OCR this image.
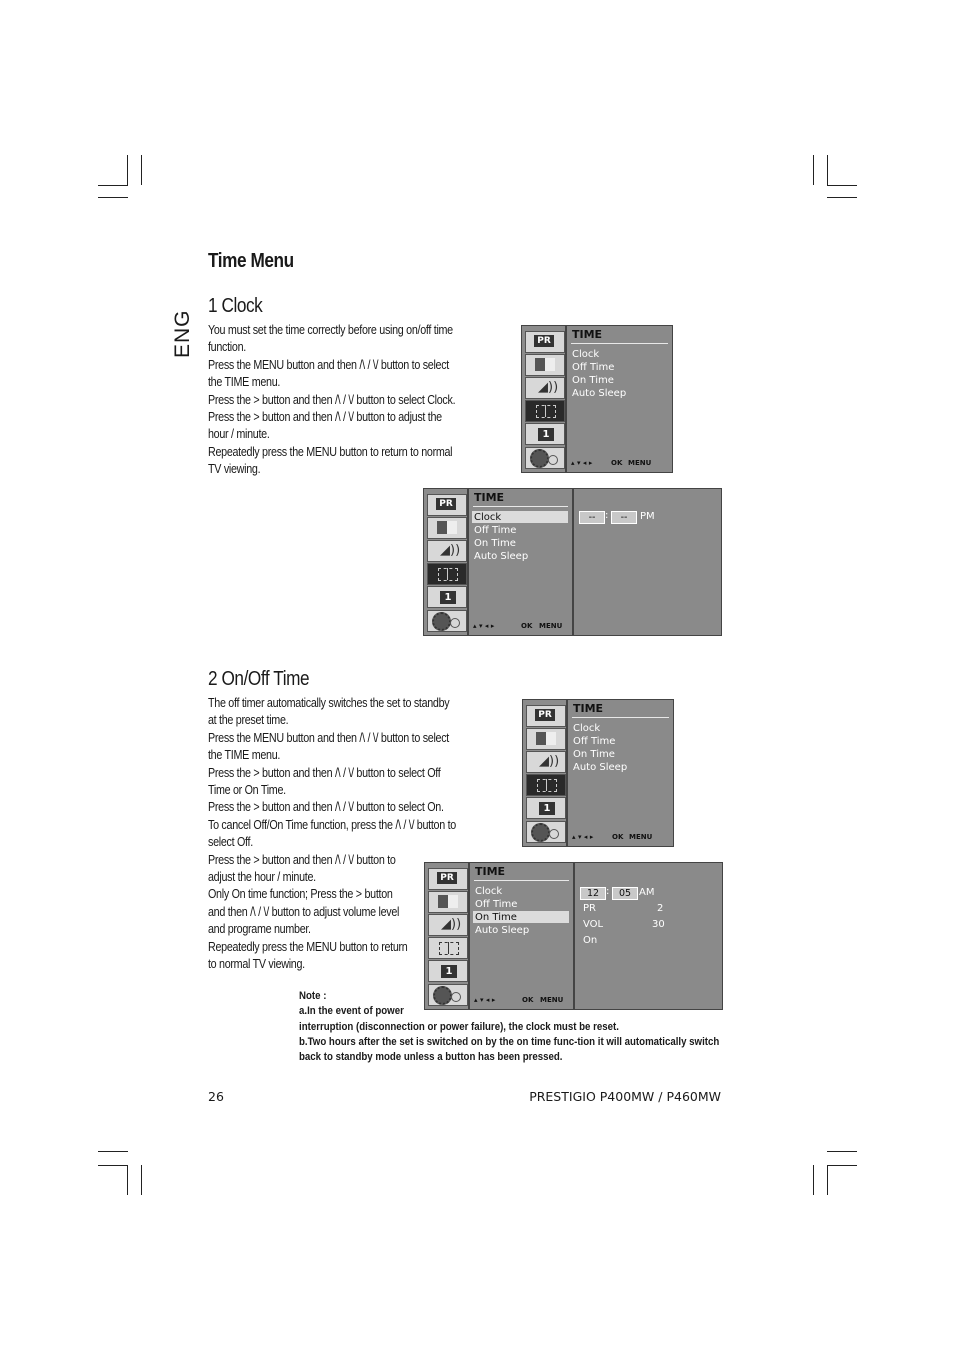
ENG
Time Menu
1 Clock

You must set the time correctly before using on/off time function.

Press the MENU button and then /\ / \/ button to select the TIME menu.

Press the > button and then /\ / \/ button to select Clock.

Press the > button and then /\ / \/ button to adjust the hour / minute.

Repeatedly press the MENU button to return to normal TV viewing.

PR
◢))
1
TIME
Clock
Off Time
On Time
Auto Sleep
▴ ▾ ◂ ▸	OK MENU
PR
◢))
1
TIME
Clock
Off Time
On Time
Auto Sleep
▴ ▾ ◂ ▸	OK MENU
-- :	--	PM
2 On/Off Time

The off timer automatically switches the set to standby at the preset time.

Press the MENU button and then /\ / \/ button to select the TIME menu.

Press the > button and then /\ / \/ button to select Off Time or On Time.

Press the > button and then /\ / \/ button to select On.

To cancel Off/On Time function, press the /\ / \/ button to select Off.

Press the > button and then /\ / \/ button to adjust the hour / minute.

Only On time function; Press the > button and then /\ / \/ button to adjust volume level and programe number.

Repeatedly press the MENU button to return to normal TV viewing.

PR
◢))
1
TIME
Clock
Off Time
On Time
Auto Sleep
▴ ▾ ◂ ▸	OK MENU
PR
◢))
1
TIME
Clock
Off Time
On Time
Auto Sleep
▴ ▾ ◂ ▸	OK MENU
12 :	05 AM
PR	2
VOL	30
On

Note :

a.In the event of power

interruption (disconnection or power failure), the clock must be reset.

b.Two hours after the set is switched on by the on time func-tion it will automatically switch back to standby mode unless a button has been pressed.

26	PRESTIGIO P400MW / P460MW
